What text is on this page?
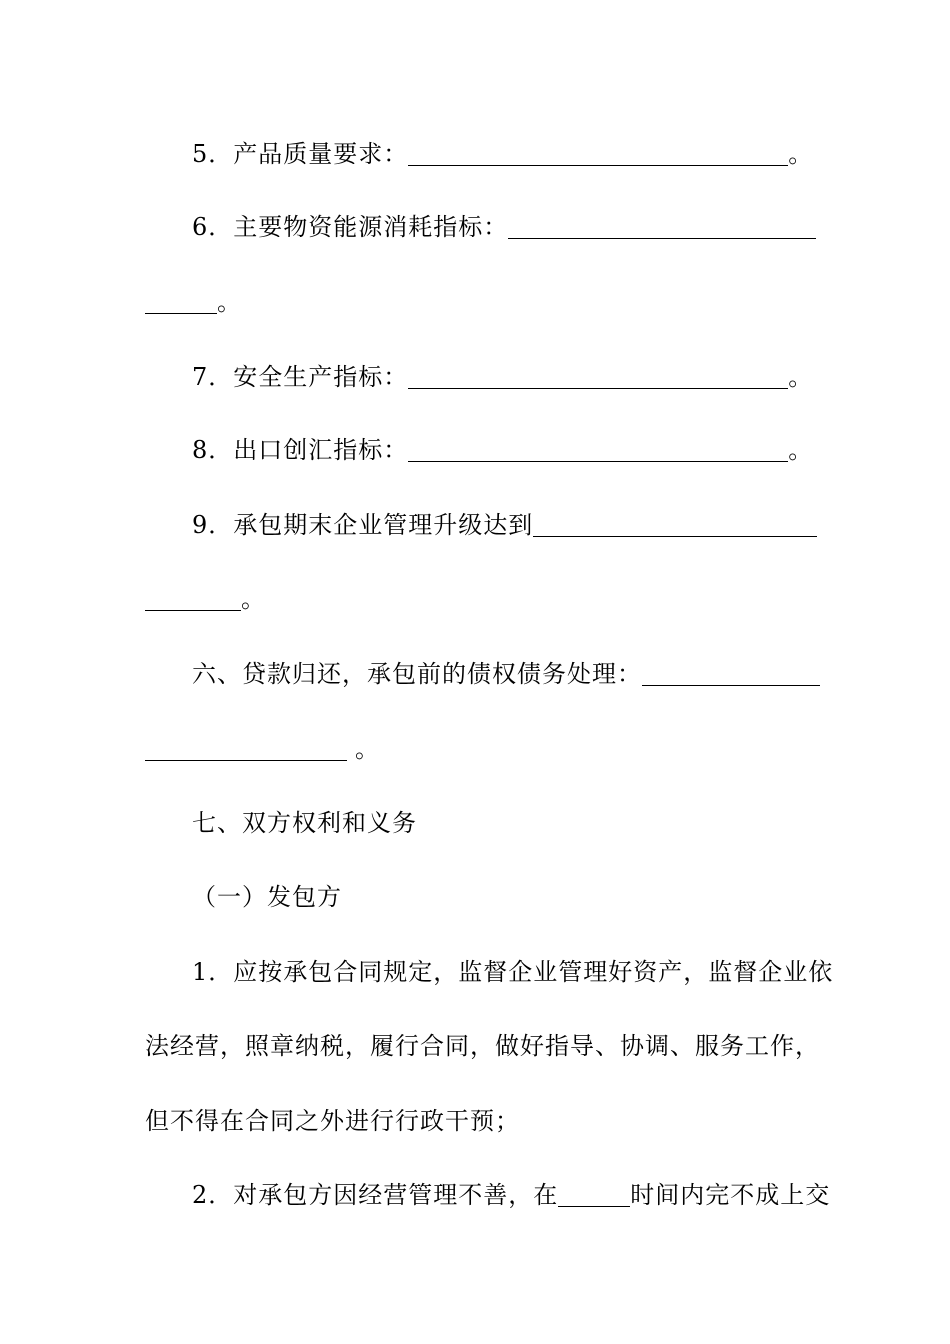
5．产品质量要求：	。
6．主要物资能源消耗指标：
。
7．安全生产指标：	。
8．出口创汇指标：	。
9．承包期末企业管理升级达到
。
六、贷款归还，承包前的债权债务处理：
。
七、双方权利和义务
（一）发包方
1．应按承包合同规定，监督企业管理好资产，监督企业依
法经营，照章纳税，履行合同，做好指导、协调、服务工作，
但不得在合同之外进行行政干预；
2．对承包方因经营管理不善，在	时间内完不成上交
